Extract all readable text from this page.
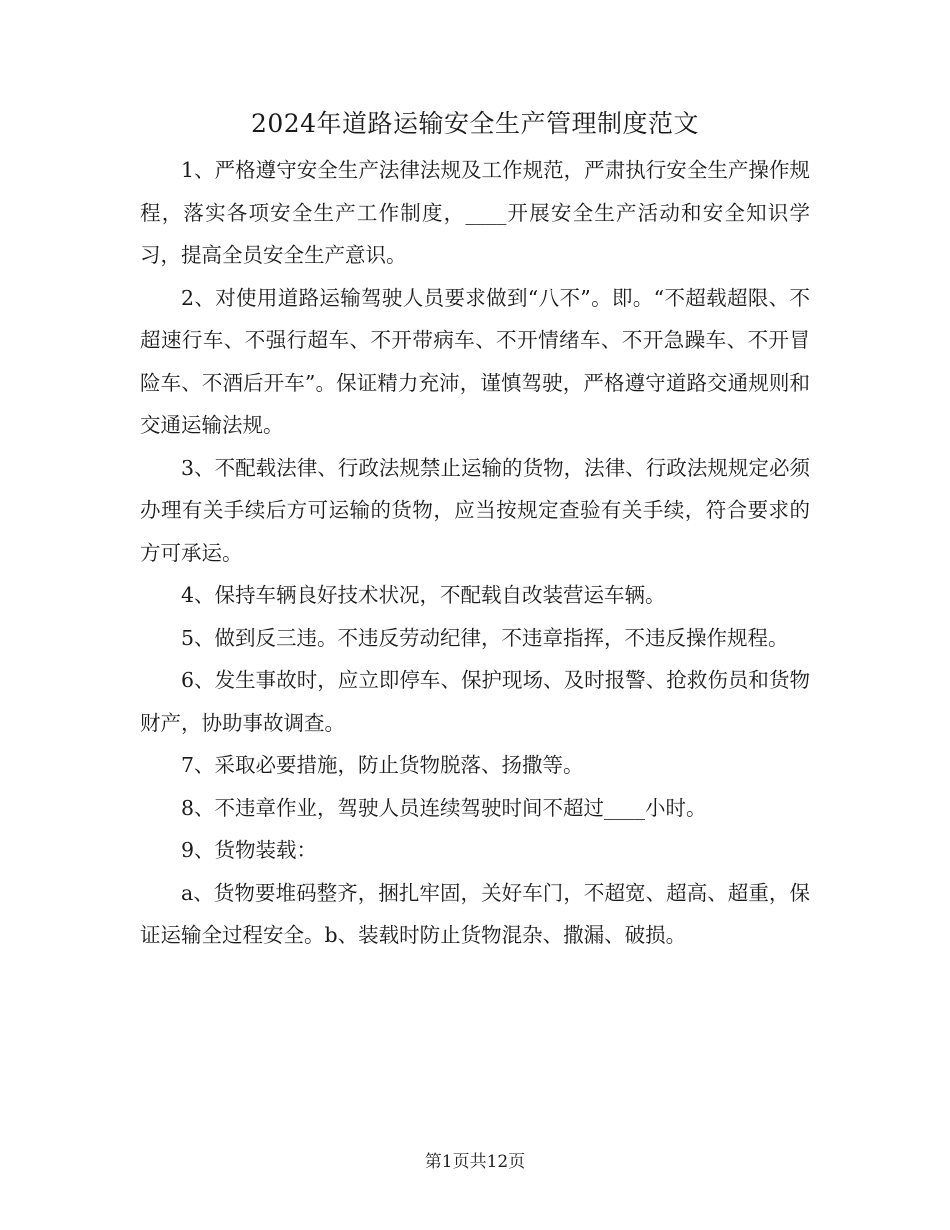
2024年道路运输安全生产管理制度范文

1、严格遵守安全生产法律法规及工作规范，严肃执行安全生产操作规程，落实各项安全生产工作制度，____开展安全生产活动和安全知识学习，提高全员安全生产意识。

2、对使用道路运输驾驶人员要求做到“八不”。即。“不超载超限、不超速行车、不强行超车、不开带病车、不开情绪车、不开急躁车、不开冒险车、不酒后开车”。保证精力充沛，谨慎驾驶，严格遵守道路交通规则和交通运输法规。

3、不配载法律、行政法规禁止运输的货物，法律、行政法规规定必须办理有关手续后方可运输的货物，应当按规定查验有关手续，符合要求的方可承运。

4、保持车辆良好技术状况，不配载自改装营运车辆。

5、做到反三违。不违反劳动纪律，不违章指挥，不违反操作规程。

6、发生事故时，应立即停车、保护现场、及时报警、抢救伤员和货物财产，协助事故调查。

7、采取必要措施，防止货物脱落、扬撒等。

8、不违章作业，驾驶人员连续驾驶时间不超过____小时。

9、货物装载：

a、货物要堆码整齐，捆扎牢固，关好车门，不超宽、超高、超重，保证运输全过程安全。b、装载时防止货物混杂、撒漏、破损。

第1页共12页
